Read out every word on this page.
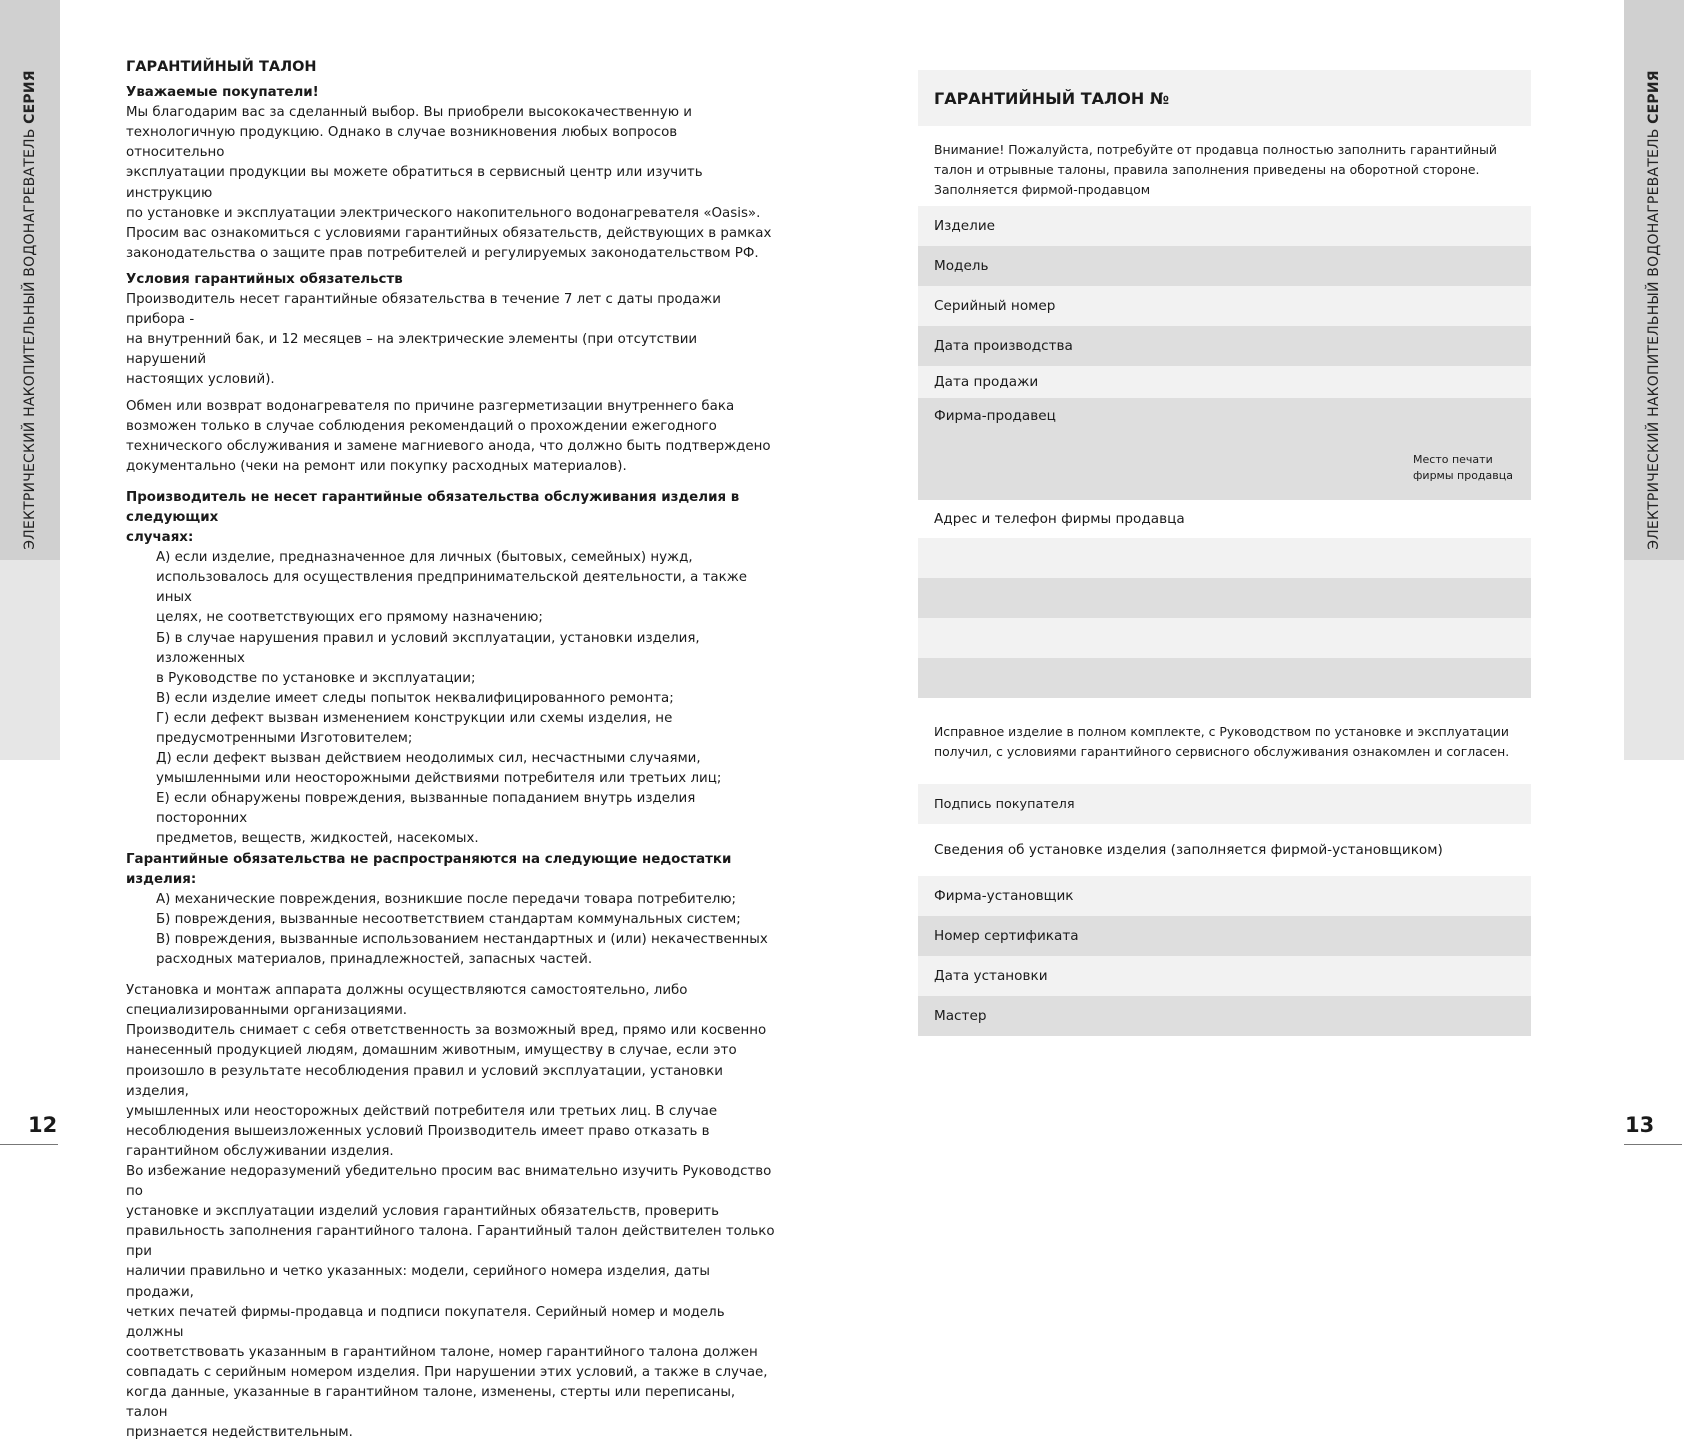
ЭЛЕКТРИЧЕСКИЙ НАКОПИТЕЛЬНЫЙ ВОДОНАГРЕВАТЕЛЬ СЕРИЯ
ЭЛЕКТРИЧЕСКИЙ НАКОПИТЕЛЬНЫЙ ВОДОНАГРЕВАТЕЛЬ СЕРИЯ
12	13

ГАРАНТИЙНЫЙ ТАЛОН

Уважаемые покупатели!

Мы благодарим вас за сделанный выбор. Вы приобрели высококачественную и

технологичную продукцию. Однако в случае возникновения любых вопросов относительно

эксплуатации продукции вы можете обратиться в сервисный центр или изучить инструкцию

по установке и эксплуатации электрического накопительного водонагревателя «Oasis».

Просим вас ознакомиться с условиями гарантийных обязательств, действующих в рамках

законодательства о защите прав потребителей и регулируемых законодательством РФ.

Условия гарантийных обязательств

Производитель несет гарантийные обязательства в течение 7 лет с даты продажи прибора -

на внутренний бак, и 12 месяцев – на электрические элементы (при отсутствии нарушений

настоящих условий).

Обмен или возврат водонагревателя по причине разгерметизации внутреннего бака

возможен только в случае соблюдения рекомендаций о прохождении ежегодного

технического обслуживания и замене магниевого анода, что должно быть подтверждено

документально (чеки на ремонт или покупку расходных материалов).

Производитель не несет гарантийные обязательства обслуживания изделия в следующих

случаях:

А) если изделие, предназначенное для личных (бытовых, семейных) нужд,

использовалось для осуществления предпринимательской деятельности, а также иных

целях, не соответствующих его прямому назначению;

Б) в случае нарушения правил и условий эксплуатации, установки изделия, изложенных

в Руководстве по установке и эксплуатации;

В) если изделие имеет следы попыток неквалифицированного ремонта;

Г) если дефект вызван изменением конструкции или схемы изделия, не

предусмотренными Изготовителем;

Д) если дефект вызван действием неодолимых сил, несчастными случаями,

умышленными или неосторожными действиями потребителя или третьих лиц;

Е) если обнаружены повреждения, вызванные попаданием внутрь изделия посторонних

предметов, веществ, жидкостей, насекомых.

Гарантийные обязательства не распространяются на следующие недостатки изделия:

А) механические повреждения, возникшие после передачи товара потребителю;

Б) повреждения, вызванные несоответствием стандартам коммунальных систем;

В) повреждения, вызванные использованием нестандартных и (или) некачественных

расходных материалов, принадлежностей, запасных частей.

Установка и монтаж аппарата должны осуществляются самостоятельно, либо

специализированными организациями.

Производитель снимает с себя ответственность за возможный вред, прямо или косвенно

нанесенный продукцией людям, домашним животным, имуществу в случае, если это

произошло в результате несоблюдения правил и условий эксплуатации, установки изделия,

умышленных или неосторожных действий потребителя или третьих лиц. В случае

несоблюдения вышеизложенных условий Производитель имеет право отказать в

гарантийном обслуживании изделия.

Во избежание недоразумений убедительно просим вас внимательно изучить Руководство по

установке и эксплуатации изделий условия гарантийных обязательств, проверить

правильность заполнения гарантийного талона. Гарантийный талон действителен только при

наличии правильно и четко указанных: модели, серийного номера изделия, даты продажи,

четких печатей фирмы-продавца и подписи покупателя. Серийный номер и модель должны

соответствовать указанным в гарантийном талоне, номер гарантийного талона должен

совпадать с серийным номером изделия. При нарушении этих условий, а также в случае,

когда данные, указанные в гарантийном талоне, изменены, стерты или переписаны, талон

признается недействительным.

ГАРАНТИЙНЫЙ ТАЛОН №
Внимание! Пожалуйста, потребуйте от продавца полностью заполнить гарантийный
талон и отрывные талоны, правила заполнения приведены на оборотной стороне.
Заполняется фирмой-продавцом
Изделие
Модель
Серийный номер
Дата производства
Дата продажи
Фирма-продавец
Место печати
фирмы продавца
Адрес и телефон фирмы продавца
Исправное изделие в полном комплекте, с Руководством по установке и эксплуатации
получил, с условиями гарантийного сервисного обслуживания ознакомлен и согласен.
Подпись покупателя
Сведения об установке изделия (заполняется фирмой-установщиком)
Фирма-установщик
Номер сертификата
Дата установки
Мастер
